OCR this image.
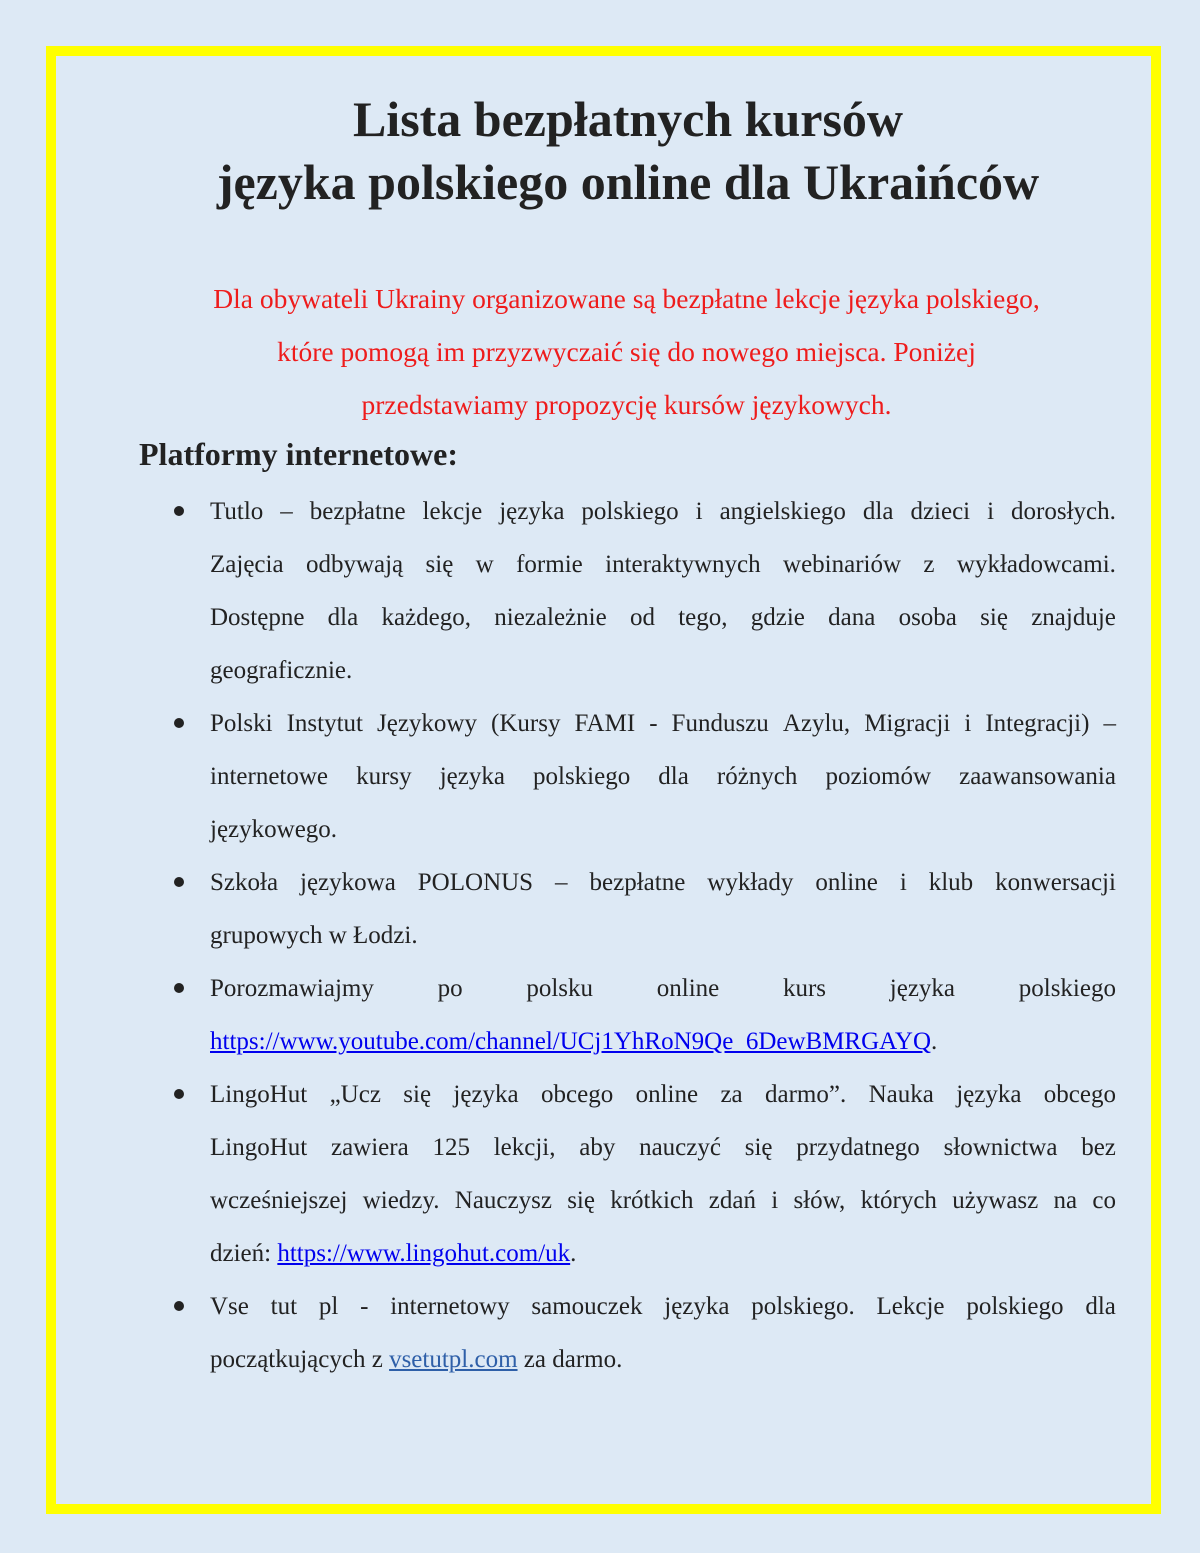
Lista bezpłatnych kursów
języka polskiego online dla Ukraińców
Dla obywateli Ukrainy organizowane są bezpłatne lekcje języka polskiego,
które pomogą im przyzwyczaić się do nowego miejsca. Poniżej
przedstawiamy propozycję kursów językowych.
Platformy internetowe:
Tutlo – bezpłatne lekcje języka polskiego i angielskiego dla dzieci i dorosłych.
Zajęcia odbywają się w formie interaktywnych webinariów z wykładowcami.
Dostępne dla każdego, niezależnie od tego, gdzie dana osoba się znajduje
geograficznie.
Polski Instytut Językowy (Kursy FAMI - Funduszu Azylu, Migracji i Integracji) –
internetowe kursy języka polskiego dla różnych poziomów zaawansowania
językowego.
Szkoła językowa POLONUS – bezpłatne wykłady online i klub konwersacji
grupowych w Łodzi.
Porozmawiajmy	po	polsku	online	kurs	języka	polskiego
https://www.youtube.com/channel/UCj1YhRoN9Qe_6DewBMRGAYQ.
LingoHut „Ucz się języka obcego online za darmo”. Nauka języka obcego
LingoHut zawiera 125 lekcji, aby nauczyć się przydatnego słownictwa bez
wcześniejszej wiedzy. Nauczysz się krótkich zdań i słów, których używasz na co
dzień: https://www.lingohut.com/uk.
Vse tut pl - internetowy samouczek języka polskiego. Lekcje polskiego dla
początkujących z vsetutpl.com za darmo.
